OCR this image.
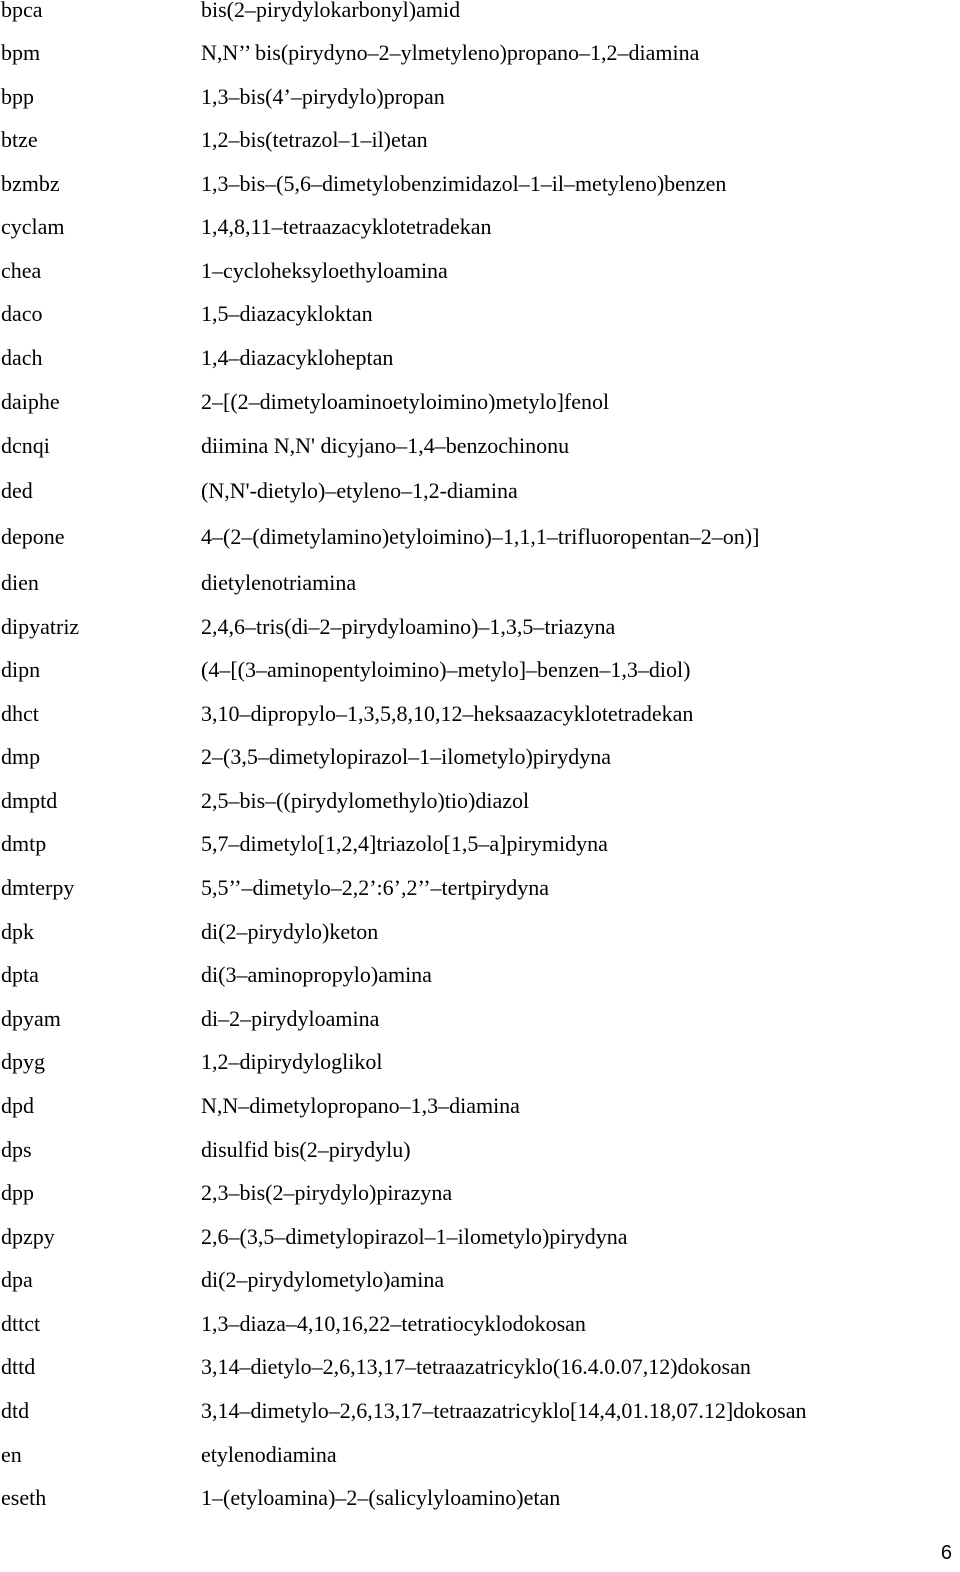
bpca	bis(2–pirydylokarbonyl)amid
bpm	N,N’’ bis(pirydyno–2–ylmetyleno)propano–1,2–diamina
bpp	1,3–bis(4’–pirydylo)propan
btze	1,2–bis(tetrazol–1–il)etan
bzmbz	1,3–bis–(5,6–dimetylobenzimidazol–1–il–metyleno)benzen
cyclam	1,4,8,11–tetraazacyklotetradekan
chea	1–cycloheksyloethyloamina
daco	1,5–diazacykloktan
dach	1,4–diazacykloheptan
daiphe	2–[(2–dimetyloaminoetyloimino)metylo]fenol
dcnqi	diimina N,N' dicyjano–1,4–benzochinonu
ded	(N,N'-dietylo)–etyleno–1,2-diamina
depone	4–(2–(dimetylamino)etyloimino)–1,1,1–trifluoropentan–2–on)]
dien	dietylenotriamina
dipyatriz	2,4,6–tris(di–2–pirydyloamino)–1,3,5–triazyna
dipn	(4–[(3–aminopentyloimino)–metylo]–benzen–1,3–diol)
dhct	3,10–dipropylo–1,3,5,8,10,12–heksaazacyklotetradekan
dmp	2–(3,5–dimetylopirazol–1–ilometylo)pirydyna
dmptd	2,5–bis–((pirydylomethylo)tio)diazol
dmtp	5,7–dimetylo[1,2,4]triazolo[1,5–a]pirymidyna
dmterpy	5,5’’–dimetylo–2,2’:6’,2’’–tertpirydyna
dpk	di(2–pirydylo)keton
dpta	di(3–aminopropylo)amina
dpyam	di–2–pirydyloamina
dpyg	1,2–dipirydyloglikol
dpd	N,N–dimetylopropano–1,3–diamina
dps	disulfid bis(2–pirydylu)
dpp	2,3–bis(2–pirydylo)pirazyna
dpzpy	2,6–(3,5–dimetylopirazol–1–ilometylo)pirydyna
dpa	di(2–pirydylometylo)amina
dttct	1,3–diaza–4,10,16,22–tetratiocyklodokosan
dttd	3,14–dietylo–2,6,13,17–tetraazatricyklo(16.4.0.07,12)dokosan
dtd	3,14–dimetylo–2,6,13,17–tetraazatricyklo[14,4,01.18,07.12]dokosan
en	etylenodiamina
eseth	1–(etyloamina)–2–(salicylyloamino)etan
6
